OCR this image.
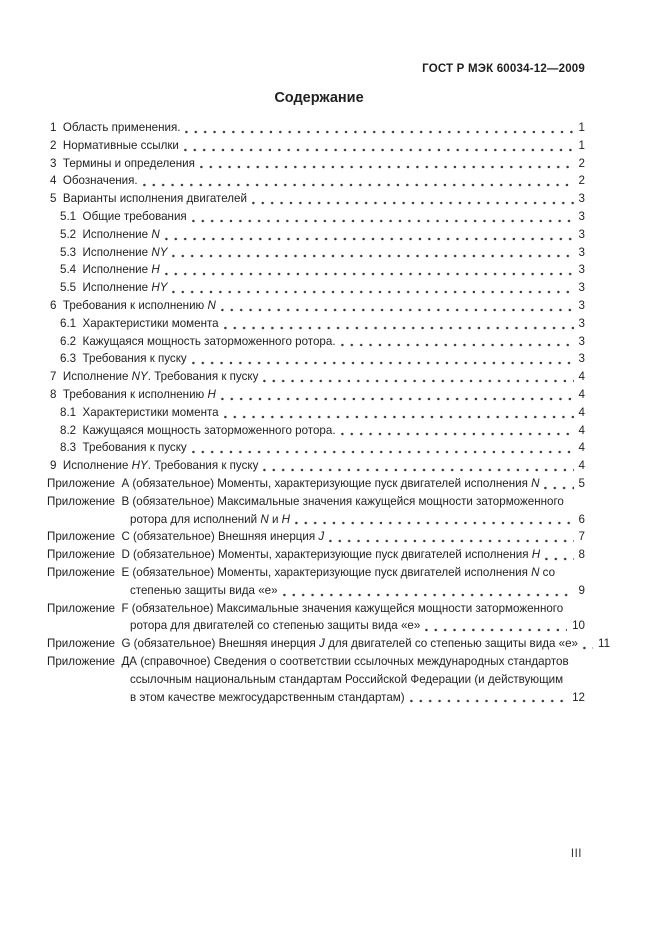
ГОСТ Р МЭК 60034-12—2009
Содержание
1  Область применения.	1
2  Нормативные ссылки	1
3  Термины и определения	2
4  Обозначения.	2
5  Варианты исполнения двигателей	3
5.1  Общие требования	3
5.2  Исполнение N	3
5.3  Исполнение NY	3
5.4  Исполнение H	3
5.5  Исполнение HY	3
6  Требования к исполнению N	3
6.1  Характеристики момента	3
6.2  Кажущаяся мощность заторможенного ротора.	3
6.3  Требования к пуску	3
7  Исполнение NY. Требования к пуску	4
8  Требования к исполнению H	4
8.1  Характеристики момента	4
8.2  Кажущаяся мощность заторможенного ротора.	4
8.3  Требования к пуску	4
9  Исполнение HY. Требования к пуску	4
Приложение  А (обязательное) Моменты, характеризующие пуск двигателей исполнения N	5
Приложение  В (обязательное) Максимальные значения кажущейся мощности заторможенного
ротора для исполнений N и H	6
Приложение  С (обязательное) Внешняя инерция J	7
Приложение  D (обязательное) Моменты, характеризующие пуск двигателей исполнения H	8
Приложение  Е (обязательное) Моменты, характеризующие пуск двигателей исполнения N со
степенью защиты вида «е»	9
Приложение  F (обязательное) Максимальные значения кажущейся мощности заторможенного
ротора для двигателей со степенью защиты вида «е»	10
Приложение  G (обязательное) Внешняя инерция J для двигателей со степенью защиты вида «е» 11
Приложение  ДА (справочное) Сведения о соответствии ссылочных международных стандартов
ссылочным национальным стандартам Российской Федерации (и действующим
в этом качестве межгосударственным стандартам)	12
III
